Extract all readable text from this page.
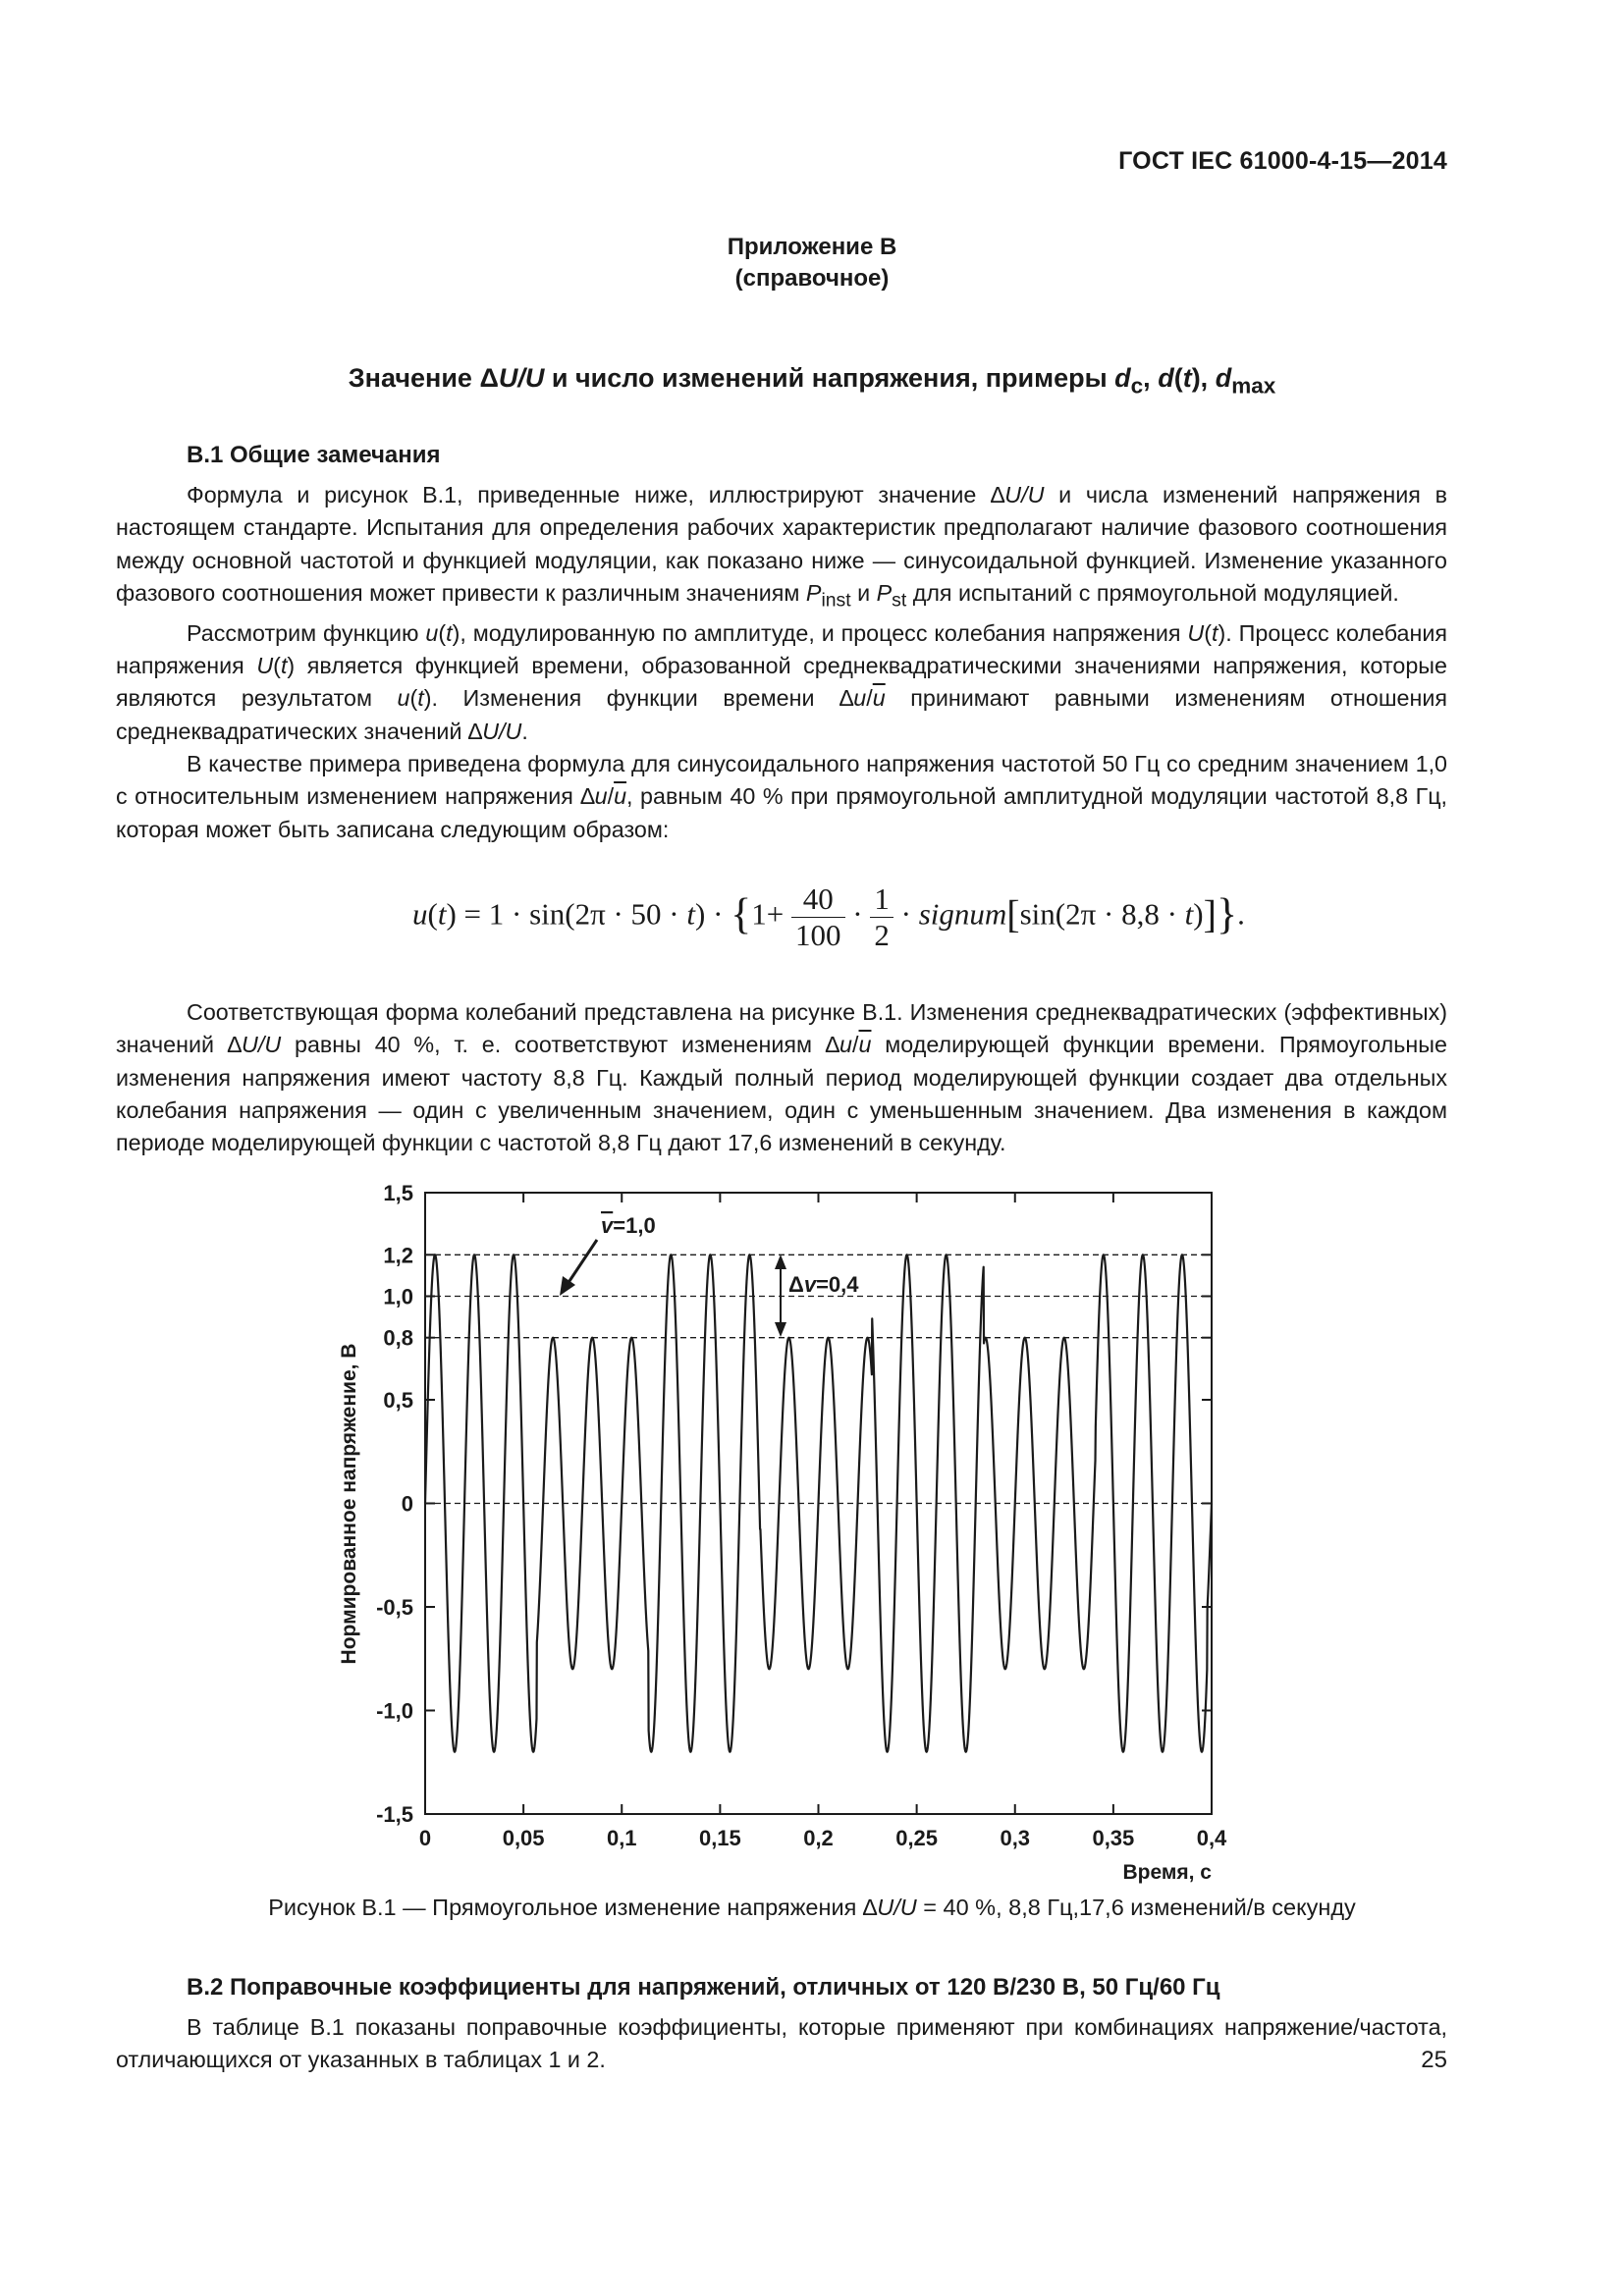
ГОСТ IEC 61000-4-15—2014
Приложение В
(справочное)
Значение ΔU/U и число изменений напряжения, примеры $d_c$, d(t), $d_{max}$
В.1 Общие замечания

Формула и рисунок В.1, приведенные ниже, иллюстрируют значение ∆U/U и числа изменений напряжения в настоящем стандарте. Испытания для определения рабочих характеристик предполагают наличие фазового соотношения между основной частотой и функцией модуляции, как показано ниже — синусоидальной функцией. Изменение указанного фазового соотношения может привести к различным значениям $P_{inst}$ и $P_{st}$ для испытаний с прямоугольной модуляцией.

Рассмотрим функцию u(t), модулированную по амплитуде, и процесс колебания напряжения U(t). Процесс колебания напряжения U(t) является функцией времени, образованной среднеквадратическими значениями напряжения, которые являются результатом u(t). Изменения функции времени $\Delta u/\overline{u}$ принимают равными изменениям отношения среднеквадратических значений ∆U/U.

В качестве примера приведена формула для синусоидального напряжения частотой 50 Гц со средним значением 1,0 с относительным изменением напряжения $\Delta u/\overline{u}$, равным 40 % при прямоугольной амплитудной модуляции частотой 8,8 Гц, которая может быть записана следующим образом:

$u(t) = 1 \cdot \sin(2\pi \cdot 50 \cdot t) \cdot \{1+ \frac{40}{100} \cdot \frac{1}{2}$ · signum[sin(2π · 8,8 · t)]}.

Соответствующая форма колебаний представлена на рисунке В.1. Изменения среднеквадратических (эффективных) значений ∆U/U равны 40 %, т. е. соответствуют изменениям $\Delta u/\overline{u}$ моделирующей функции времени. Прямоугольные изменения напряжения имеют частоту 8,8 Гц. Каждый полный период моделирующей функции создает два отдельных колебания напряжения — один с увеличенным значением, один с уменьшенным значением. Два изменения в каждом периоде моделирующей функции с частотой 8,8 Гц дают 17,6 изменений в секунду.

1,5
1,2
1,0
0,8
0,5
0
-0,5
-1,0
-1,5
0	0,05	0,1	0,15	0,2	0,25	0,3	0,35	0,4
Нормированное напряжение, В
Время, с
v=1,0
Δv=0,4
Рисунок В.1 — Прямоугольное изменение напряжения ∆U/U = 40 %, 8,8 Гц,17,6 изменений/в секунду
В.2 Поправочные коэффициенты для напряжений, отличных от 120 В/230 В, 50 Гц/60 Гц

В таблице В.1 показаны поправочные коэффициенты, которые применяют при комбинациях напряжение/частота, отличающихся от указанных в таблицах 1 и 2.	25
